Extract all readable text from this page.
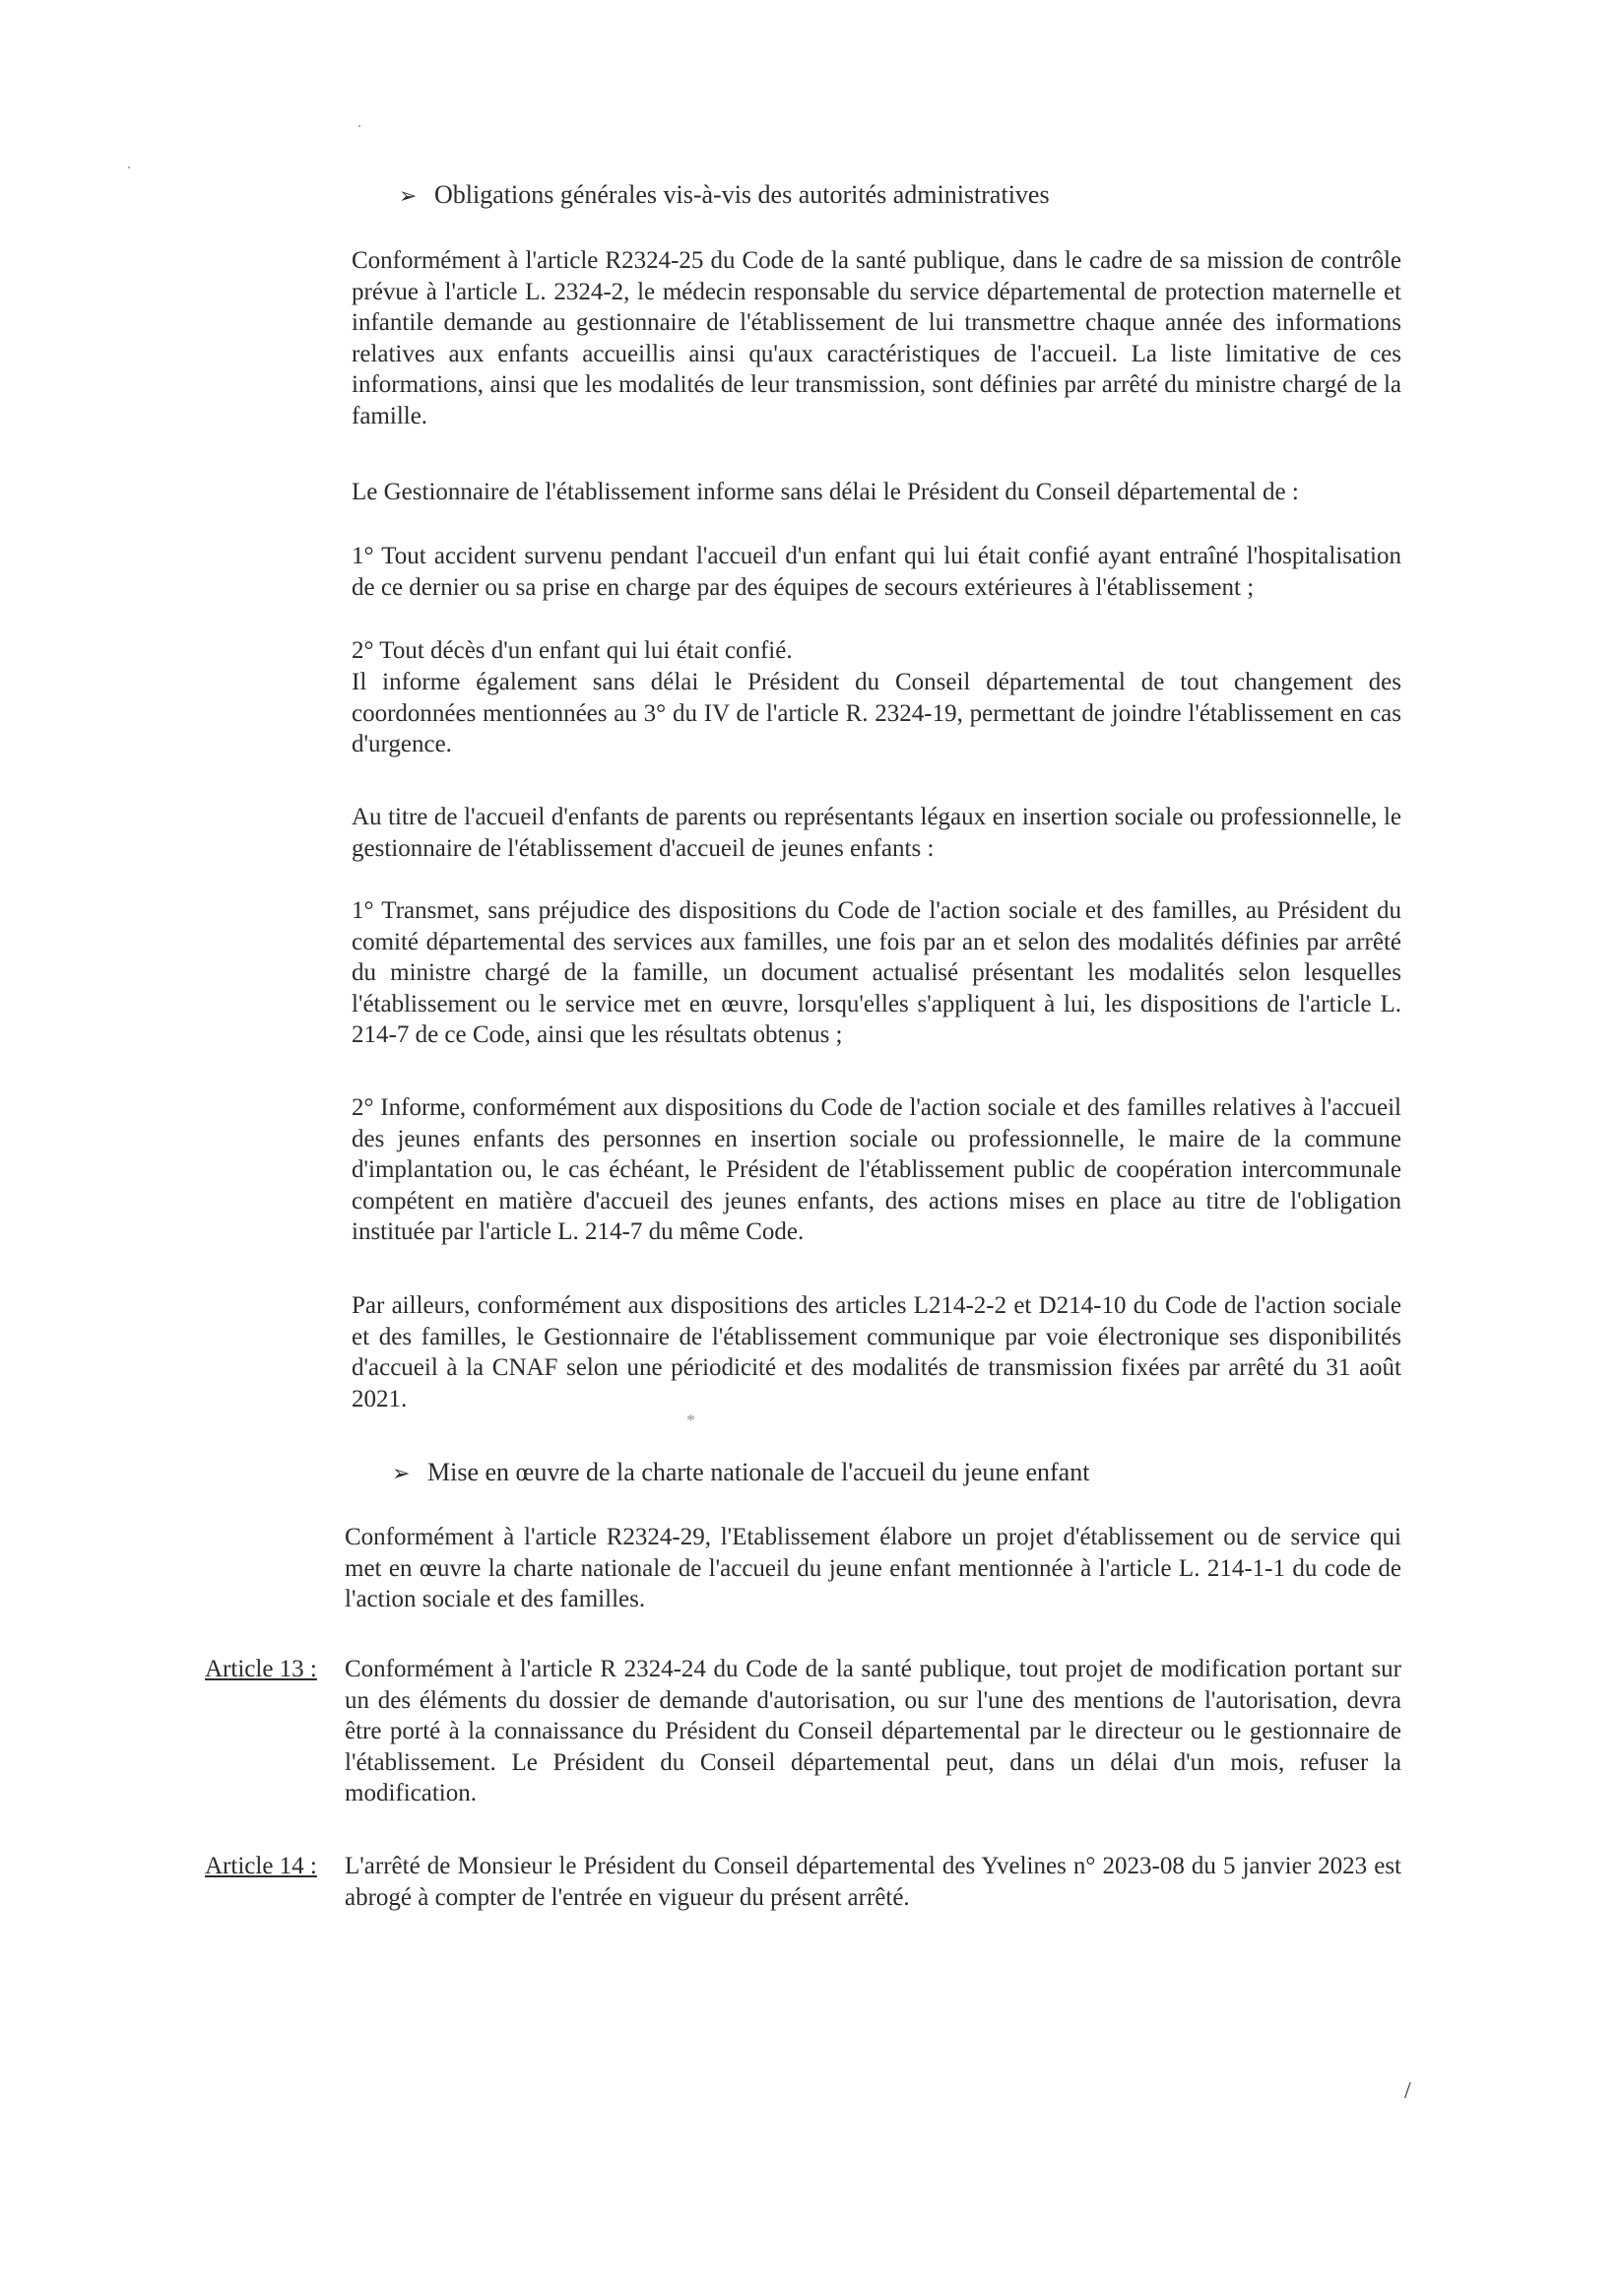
·
·
*

➢ Obligations générales vis-à-vis des autorités administratives

Conformément à l'article R2324-25 du Code de la santé publique, dans le cadre de sa mission de contrôle prévue à l'article L. 2324-2, le médecin responsable du service départemental de protection maternelle et infantile demande au gestionnaire de l'établissement de lui transmettre chaque année des informations relatives aux enfants accueillis ainsi qu'aux caractéristiques de l'accueil. La liste limitative de ces informations, ainsi que les modalités de leur transmission, sont définies par arrêté du ministre chargé de la famille.

Le Gestionnaire de l'établissement informe sans délai le Président du Conseil départemental de :

1° Tout accident survenu pendant l'accueil d'un enfant qui lui était confié ayant entraîné l'hospitalisation de ce dernier ou sa prise en charge par des équipes de secours extérieures à l'établissement ;

2° Tout décès d'un enfant qui lui était confié.

Il informe également sans délai le Président du Conseil départemental de tout changement des coordonnées mentionnées au 3° du IV de l'article R. 2324-19, permettant de joindre l'établissement en cas d'urgence.

Au titre de l'accueil d'enfants de parents ou représentants légaux en insertion sociale ou professionnelle, le gestionnaire de l'établissement d'accueil de jeunes enfants :

1° Transmet, sans préjudice des dispositions du Code de l'action sociale et des familles, au Président du comité départemental des services aux familles, une fois par an et selon des modalités définies par arrêté du ministre chargé de la famille, un document actualisé présentant les modalités selon lesquelles l'établissement ou le service met en œuvre, lorsqu'elles s'appliquent à lui, les dispositions de l'article L. 214-7 de ce Code, ainsi que les résultats obtenus ;

2° Informe, conformément aux dispositions du Code de l'action sociale et des familles relatives à l'accueil des jeunes enfants des personnes en insertion sociale ou professionnelle, le maire de la commune d'implantation ou, le cas échéant, le Président de l'établissement public de coopération intercommunale compétent en matière d'accueil des jeunes enfants, des actions mises en place au titre de l'obligation instituée par l'article L. 214-7 du même Code.

Par ailleurs, conformément aux dispositions des articles L214-2-2 et D214-10 du Code de l'action sociale et des familles, le Gestionnaire de l'établissement communique par voie électronique ses disponibilités d'accueil à la CNAF selon une périodicité et des modalités de transmission fixées par arrêté du 31 août 2021.

➢ Mise en œuvre de la charte nationale de l'accueil du jeune enfant

Conformément à l'article R2324-29, l'Etablissement élabore un projet d'établissement ou de service qui met en œuvre la charte nationale de l'accueil du jeune enfant mentionnée à l'article L. 214-1-1 du code de l'action sociale et des familles.

Article 13 : Conformément à l'article R 2324-24 du Code de la santé publique, tout projet de modification portant sur un des éléments du dossier de demande d'autorisation, ou sur l'une des mentions de l'autorisation, devra être porté à la connaissance du Président du Conseil départemental par le directeur ou le gestionnaire de l'établissement. Le Président du Conseil départemental peut, dans un délai d'un mois, refuser la modification.

Article 14 : L'arrêté de Monsieur le Président du Conseil départemental des Yvelines n° 2023-08 du 5 janvier 2023 est abrogé à compter de l'entrée en vigueur du présent arrêté.

/
